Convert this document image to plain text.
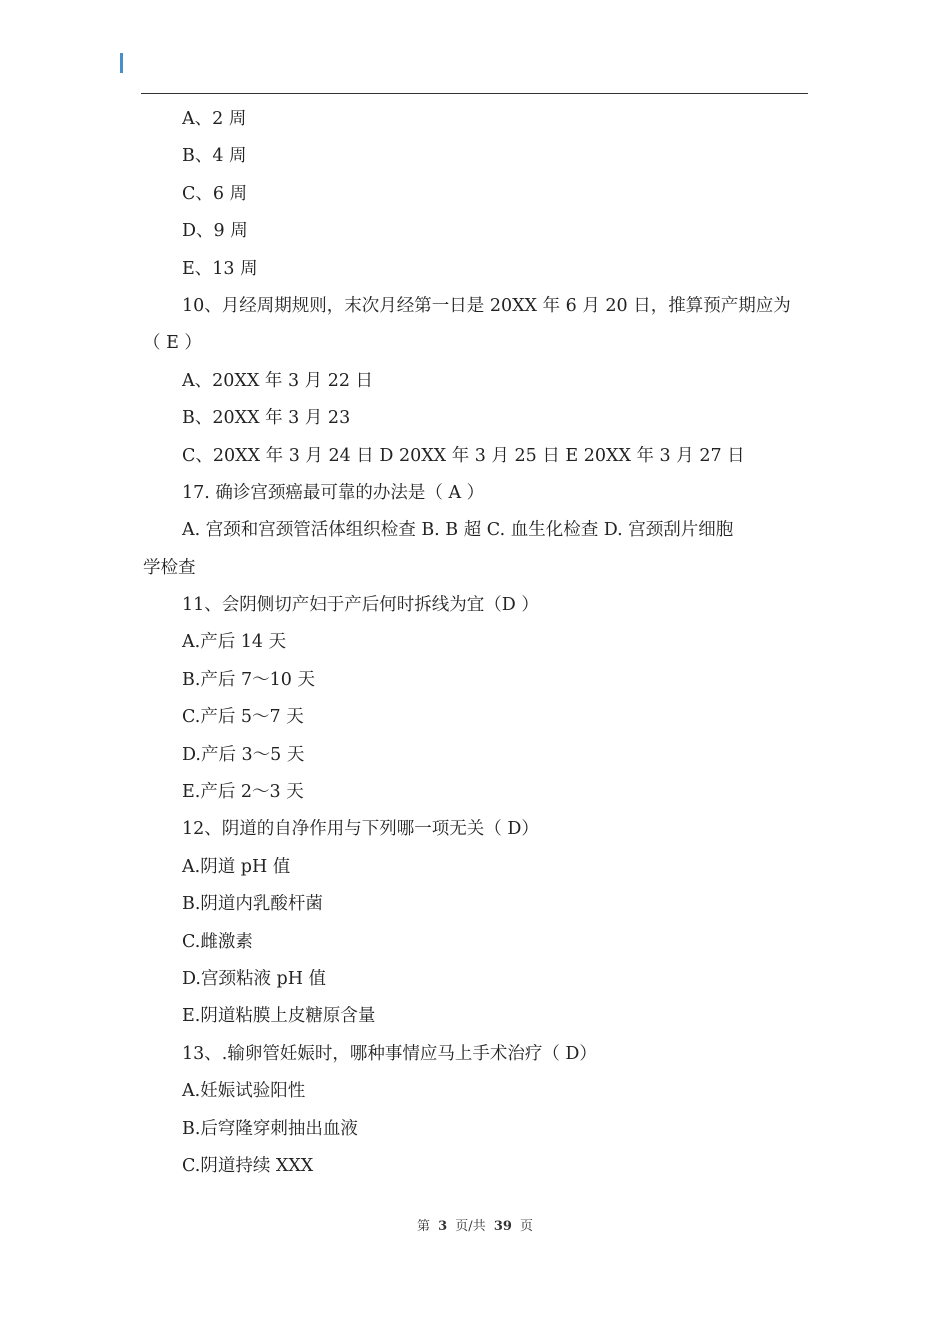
A、2 周
B、4 周
C、6 周
D、9 周
E、13 周
10、月经周期规则，末次月经第一日是 20XX 年 6 月 20 日，推算预产期应为
（ E ）
A、20XX 年 3 月 22 日
B、20XX 年 3 月 23
C、20XX 年 3 月 24 日 D 20XX 年 3 月 25 日 E 20XX 年 3 月 27 日
17. 确诊宫颈癌最可靠的办法是（ A ）
A. 宫颈和宫颈管活体组织检查 B. B 超 C. 血生化检查 D. 宫颈刮片细胞
学检查
11、会阴侧切产妇于产后何时拆线为宜（D ）
A.产后 14 天
B.产后 7～10 天
C.产后 5～7 天
D.产后 3～5 天
E.产后 2～3 天
12、阴道的自净作用与下列哪一项无关（ D）
A.阴道 pH 值
B.阴道内乳酸杆菌
C.雌激素
D.宫颈粘液 pH 值
E.阴道粘膜上皮糖原含量
13、.输卵管妊娠时，哪种事情应马上手术治疗（ D）
A.妊娠试验阳性
B.后穹隆穿刺抽出血液
C.阴道持续 XXX
第 3 页/共 39 页
